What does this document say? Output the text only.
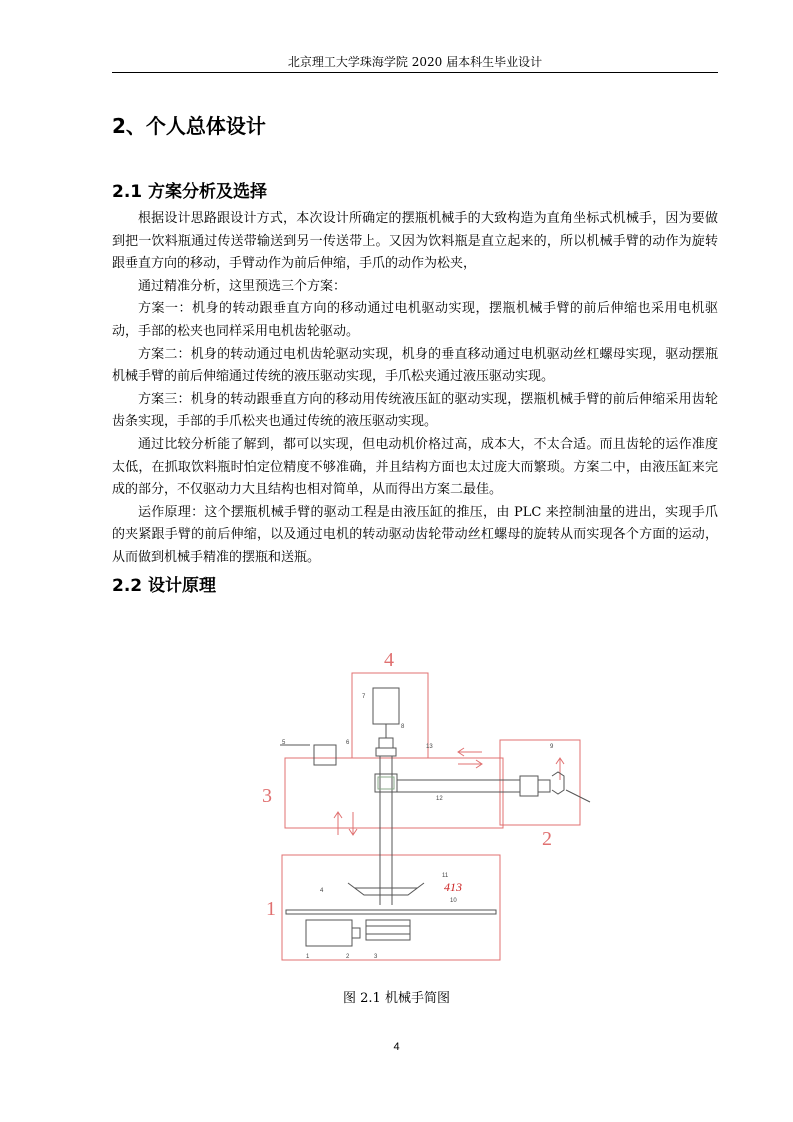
北京理工大学珠海学院 2020 届本科生毕业设计
2、个人总体设计
2.1 方案分析及选择

根据设计思路跟设计方式，本次设计所确定的摆瓶机械手的大致构造为直角坐标式机械手，因为要做到把一饮料瓶通过传送带输送到另一传送带上。又因为饮料瓶是直立起来的，所以机械手臂的动作为旋转跟垂直方向的移动，手臂动作为前后伸缩，手爪的动作为松夹，

通过精准分析，这里预选三个方案：

方案一：机身的转动跟垂直方向的移动通过电机驱动实现，摆瓶机械手臂的前后伸缩也采用电机驱动，手部的松夹也同样采用电机齿轮驱动。

方案二：机身的转动通过电机齿轮驱动实现，机身的垂直移动通过电机驱动丝杠螺母实现，驱动摆瓶机械手臂的前后伸缩通过传统的液压驱动实现，手爪松夹通过液压驱动实现。

方案三：机身的转动跟垂直方向的移动用传统液压缸的驱动实现，摆瓶机械手臂的前后伸缩采用齿轮齿条实现，手部的手爪松夹也通过传统的液压驱动实现。

通过比较分析能了解到，都可以实现，但电动机价格过高，成本大，不太合适。而且齿轮的运作准度太低，在抓取饮料瓶时怕定位精度不够准确，并且结构方面也太过庞大而繁琐。方案二中，由液压缸来完成的部分，不仅驱动力大且结构也相对简单，从而得出方案二最佳。

运作原理：这个摆瓶机械手臂的驱动工程是由液压缸的推压，由 PLC 来控制油量的进出，实现手爪的夹紧跟手臂的前后伸缩，以及通过电机的转动驱动齿轮带动丝杠螺母的旋转从而实现各个方面的运动，从而做到机械手精准的摆瓶和送瓶。

2.2 设计原理
4
3
2
1
413
1	2	3
4
5	6
7
8
9
10
11
12
13
图 2.1 机械手简图
4
